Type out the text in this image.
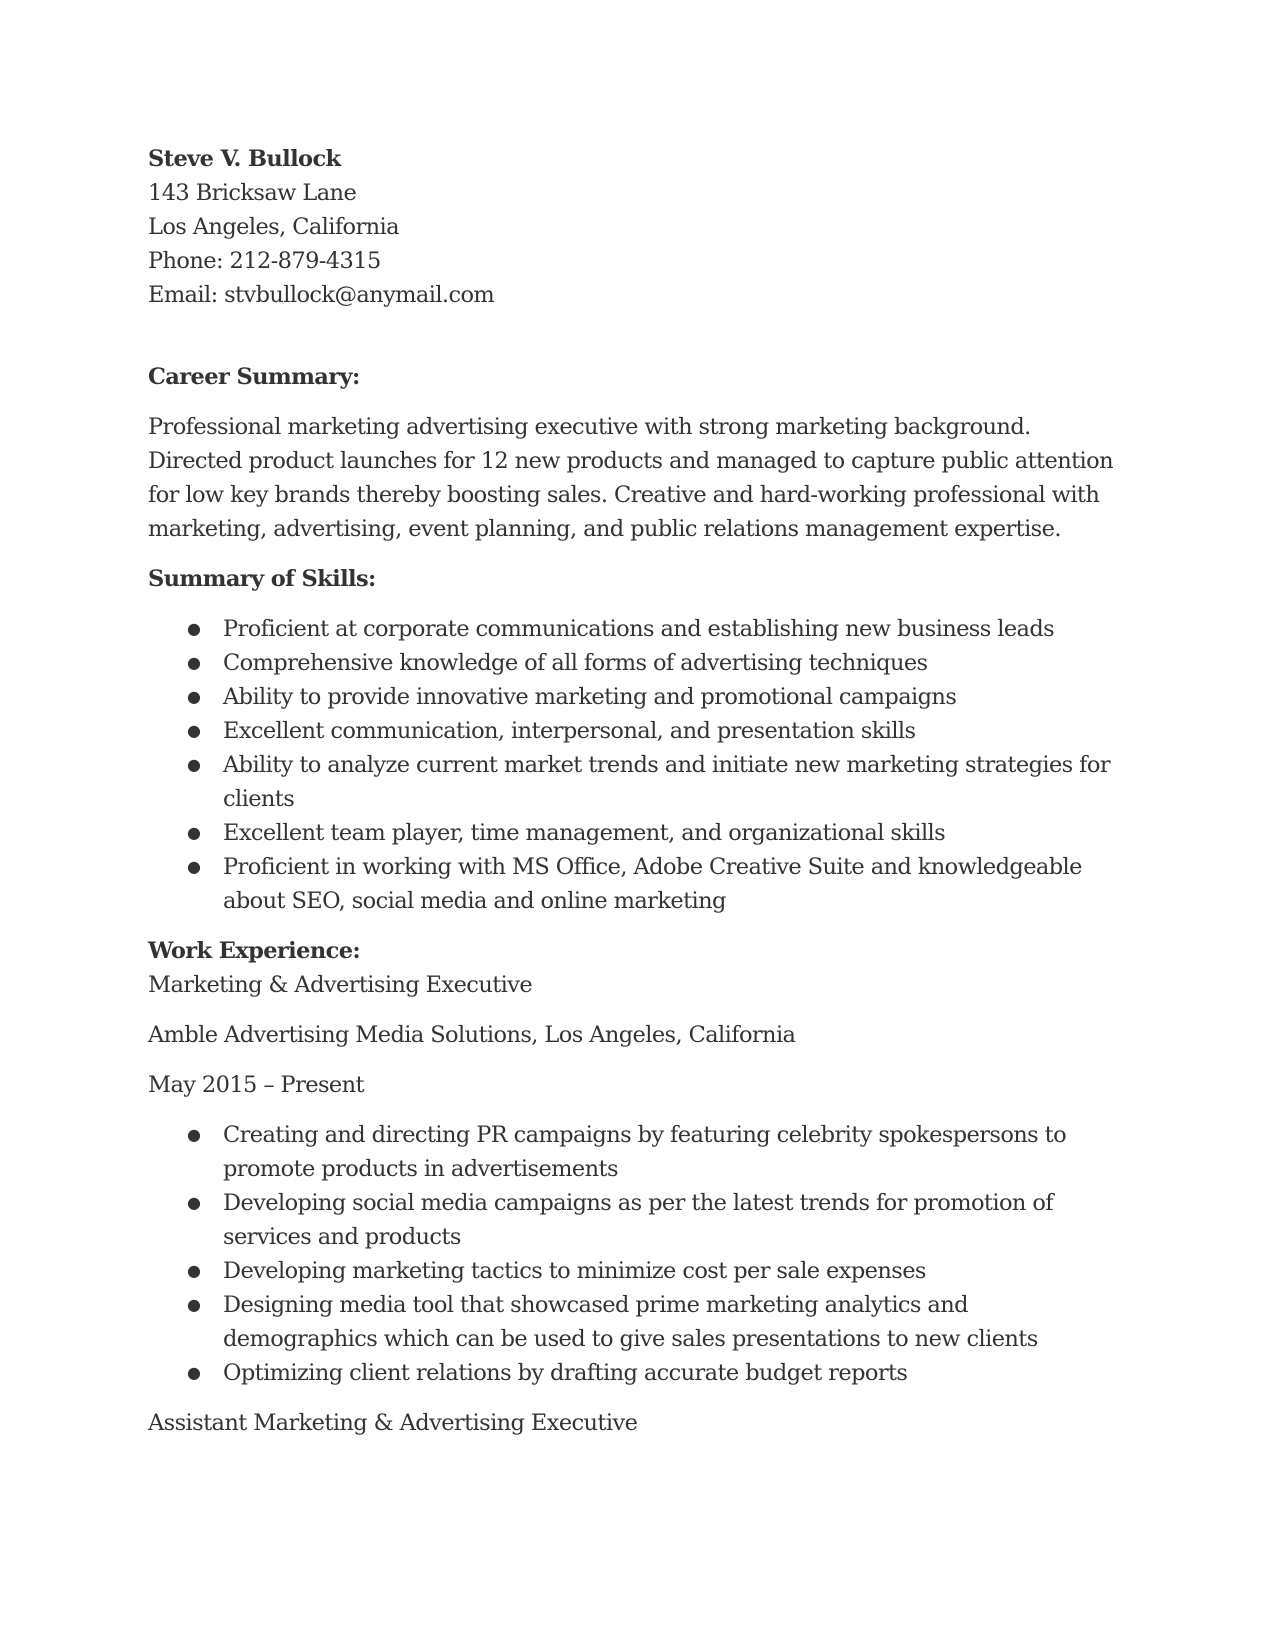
Steve V. Bullock
143 Bricksaw Lane
Los Angeles, California
Phone: 212-879-4315
Email: stvbullock@anymail.com
Career Summary:

Professional marketing advertising executive with strong marketing background. Directed product launches for 12 new products and managed to capture public attention for low key brands thereby boosting sales. Creative and hard-working professional with marketing, advertising, event planning, and public relations management expertise.

Summary of Skills:
● Proficient at corporate communications and establishing new business leads
● Comprehensive knowledge of all forms of advertising techniques
● Ability to provide innovative marketing and promotional campaigns
● Excellent communication, interpersonal, and presentation skills
● Ability to analyze current market trends and initiate new marketing strategies for clients
● Excellent team player, time management, and organizational skills
● Proficient in working with MS Office, Adobe Creative Suite and knowledgeable about SEO, social media and online marketing
Work Experience:
Marketing & Advertising Executive
Amble Advertising Media Solutions, Los Angeles, California
May 2015 – Present
● Creating and directing PR campaigns by featuring celebrity spokespersons to promote products in advertisements
● Developing social media campaigns as per the latest trends for promotion of services and products
● Developing marketing tactics to minimize cost per sale expenses
● Designing media tool that showcased prime marketing analytics and demographics which can be used to give sales presentations to new clients
● Optimizing client relations by drafting accurate budget reports
Assistant Marketing & Advertising Executive
